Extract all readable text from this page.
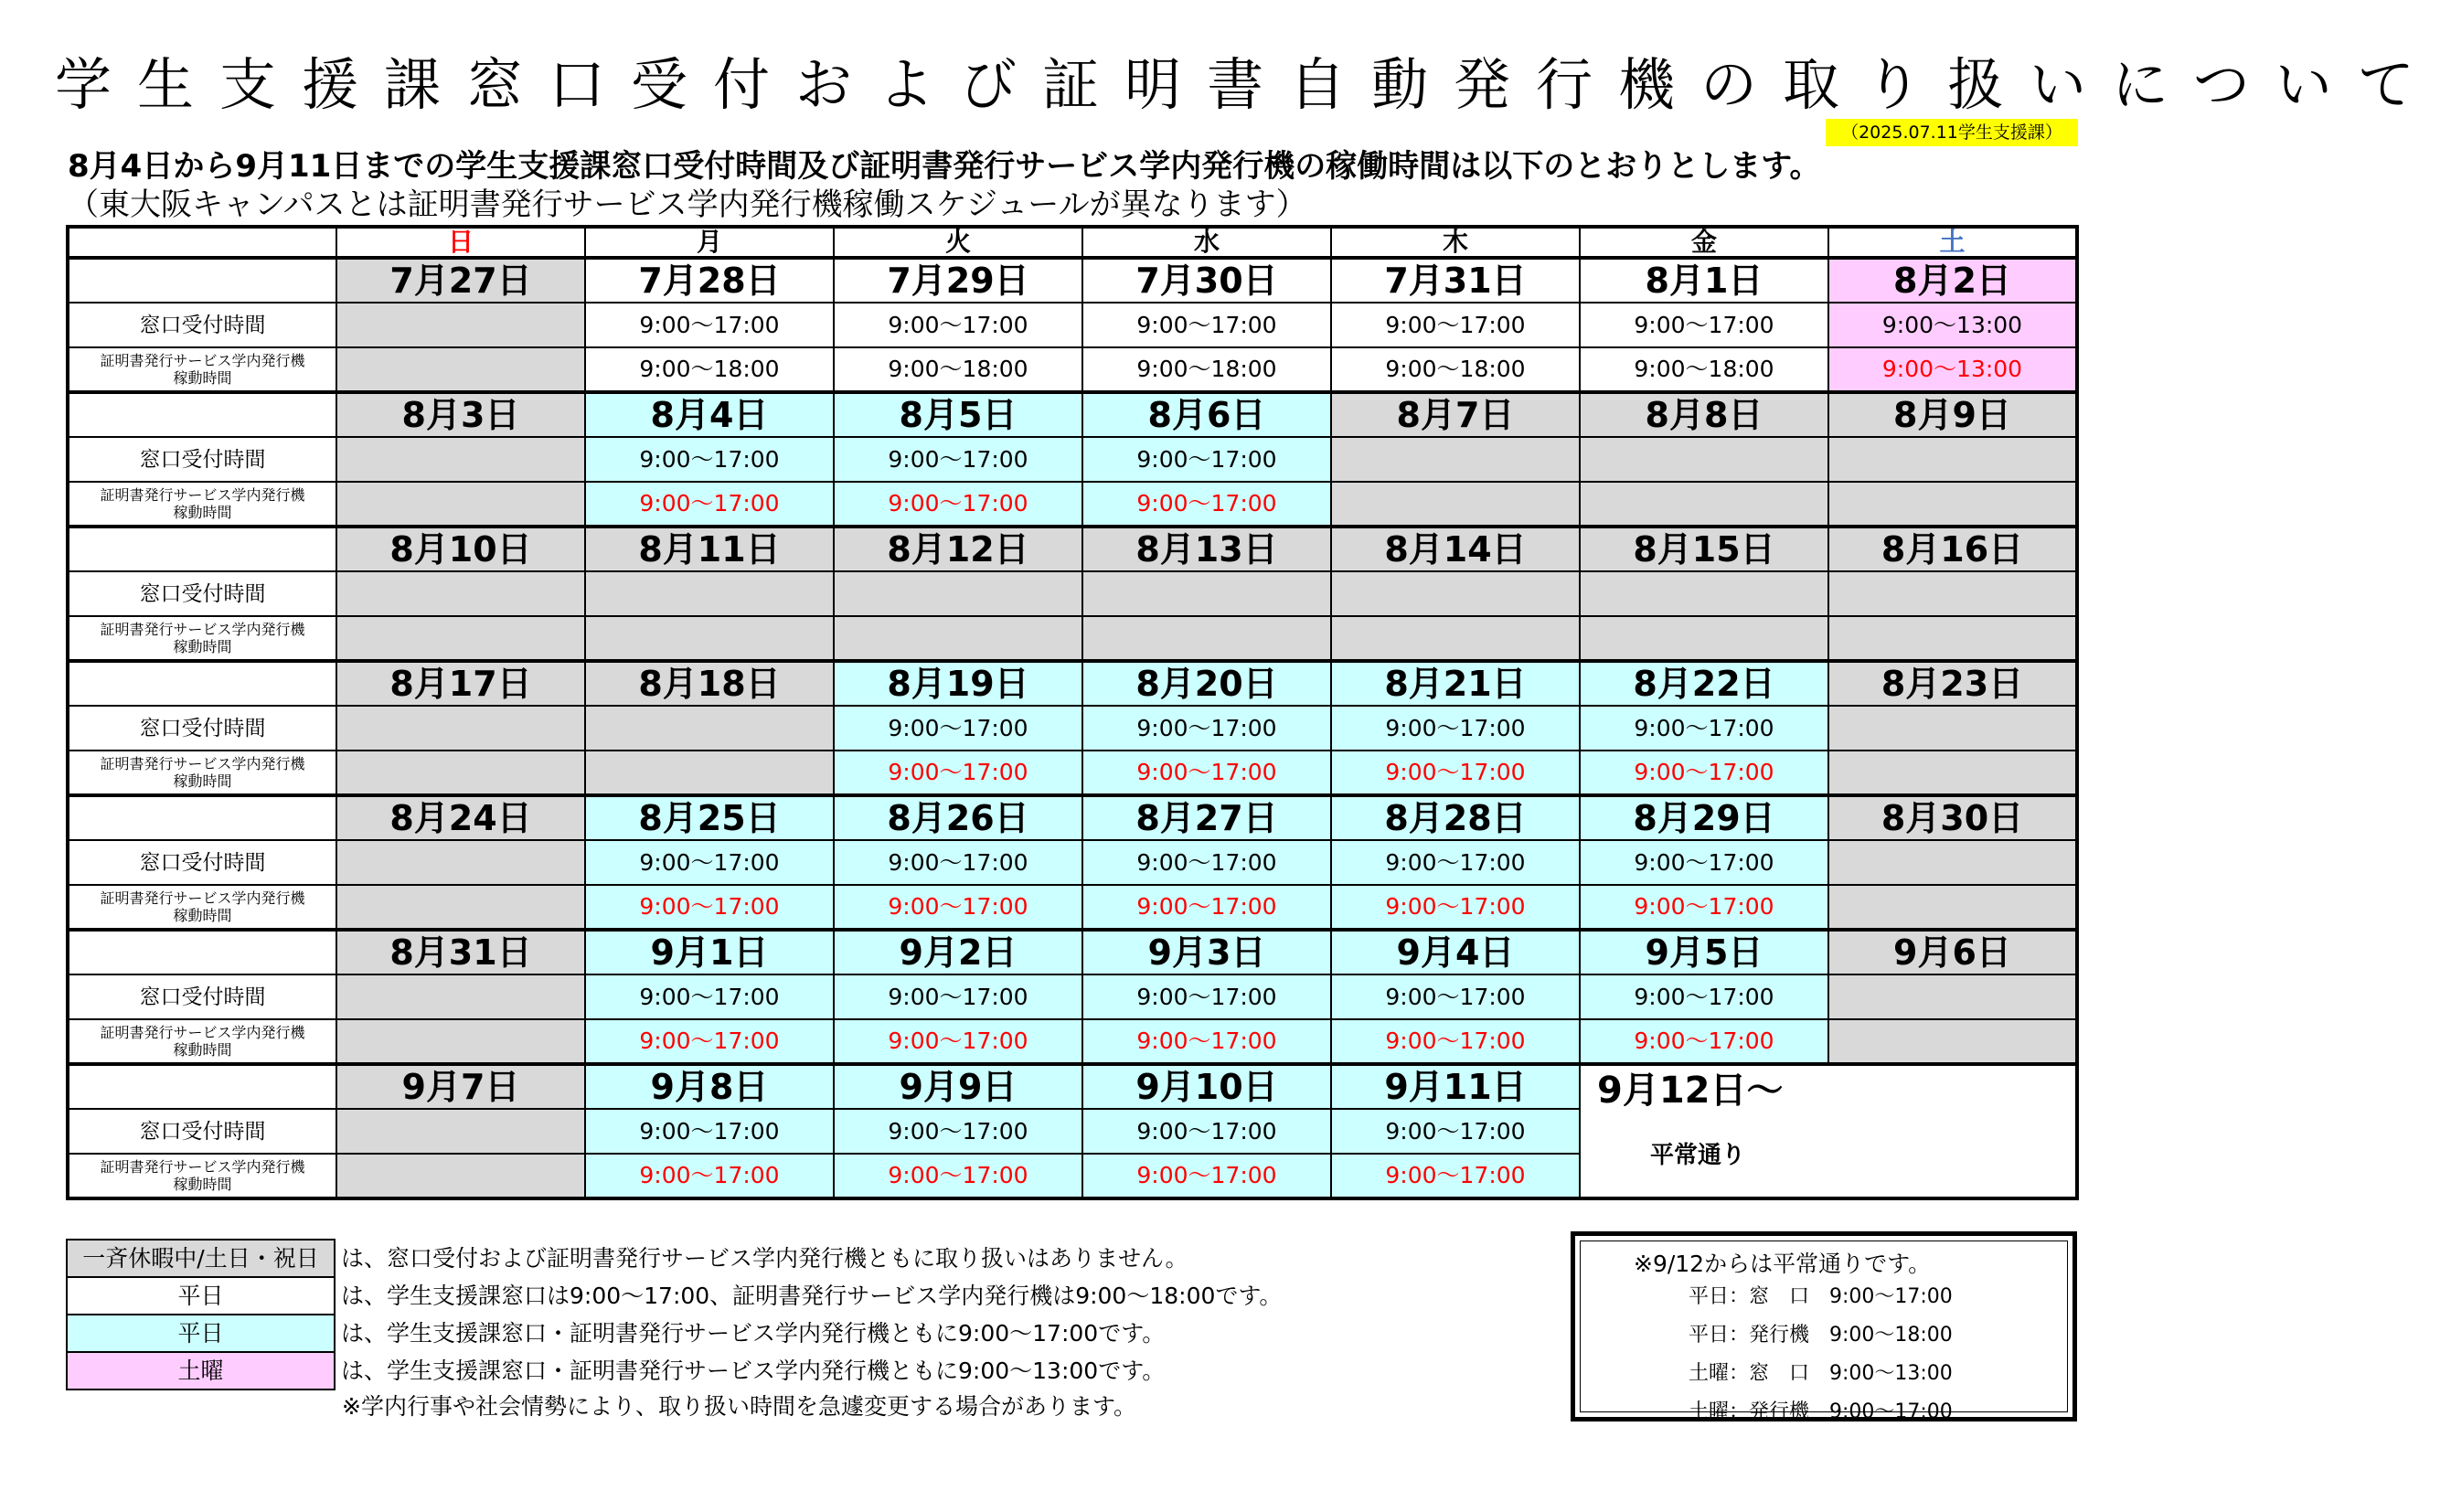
学生支援課窓口受付および証明書自動発行機の取り扱いについて
（2025.07.11学生支援課）
8月4日から9月11日までの学生支援課窓口受付時間及び証明書発行サービス学内発行機の稼働時間は以下のとおりとします。
（東大阪キャンパスとは証明書発行サービス学内発行機稼働スケジュールが異なります）
	日	月	火	水	木	金	土
	7月27日	7月28日	7月29日	7月30日	7月31日	8月1日	8月2日
窓口受付時間		9:00～17:00	9:00～17:00	9:00～17:00	9:00～17:00	9:00～17:00	9:00～13:00

証明書発行サービス学内発行機
稼動時間		9:00～18:00	9:00～18:00	9:00～18:00	9:00～18:00	9:00～18:00	9:00～13:00
	8月3日	8月4日	8月5日	8月6日	8月7日	8月8日	8月9日
窓口受付時間		9:00～17:00	9:00～17:00	9:00～17:00			

証明書発行サービス学内発行機
稼動時間		9:00～17:00	9:00～17:00	9:00～17:00			
	8月10日	8月11日	8月12日	8月13日	8月14日	8月15日	8月16日
窓口受付時間							

証明書発行サービス学内発行機
稼動時間							

	8月17日	8月18日	8月19日	8月20日	8月21日	8月22日	8月23日
窓口受付時間			9:00～17:00	9:00～17:00	9:00～17:00	9:00～17:00	

証明書発行サービス学内発行機
稼動時間			9:00～17:00	9:00～17:00	9:00～17:00	9:00～17:00	
	8月24日	8月25日	8月26日	8月27日	8月28日	8月29日	8月30日
窓口受付時間		9:00～17:00	9:00～17:00	9:00～17:00	9:00～17:00	9:00～17:00	

証明書発行サービス学内発行機
稼動時間		9:00～17:00	9:00～17:00	9:00～17:00	9:00～17:00	9:00～17:00	
	8月31日	9月1日	9月2日	9月3日	9月4日	9月5日	9月6日
窓口受付時間		9:00～17:00	9:00～17:00	9:00～17:00	9:00～17:00	9:00～17:00	

証明書発行サービス学内発行機
稼動時間		9:00～17:00	9:00～17:00	9:00～17:00	9:00～17:00	9:00～17:00	
	9月7日	9月8日	9月9日	9月10日	9月11日	9月12日～
平常通り	

窓口受付時間		9:00～17:00	9:00～17:00	9:00～17:00	9:00～17:00		

証明書発行サービス学内発行機
稼動時間		9:00～17:00	9:00～17:00	9:00～17:00	9:00～17:00		
一斉休暇中/土日・祝日	は、窓口受付および証明書発行サービス学内発行機ともに取り扱いはありません。
平日	は、学生支援課窓口は9:00～17:00、証明書発行サービス学内発行機は9:00～18:00です。
平日	は、学生支援課窓口・証明書発行サービス学内発行機ともに9:00～17:00です。
土曜	は、学生支援課窓口・証明書発行サービス学内発行機ともに9:00～13:00です。
※学内行事や社会情勢により、取り扱い時間を急遽変更する場合があります。
※9/12からは平常通りです。
平日：窓　口　9:00～17:00
平日：発行機　9:00～18:00
土曜：窓　口　9:00～13:00
土曜：発行機　9:00～17:00
